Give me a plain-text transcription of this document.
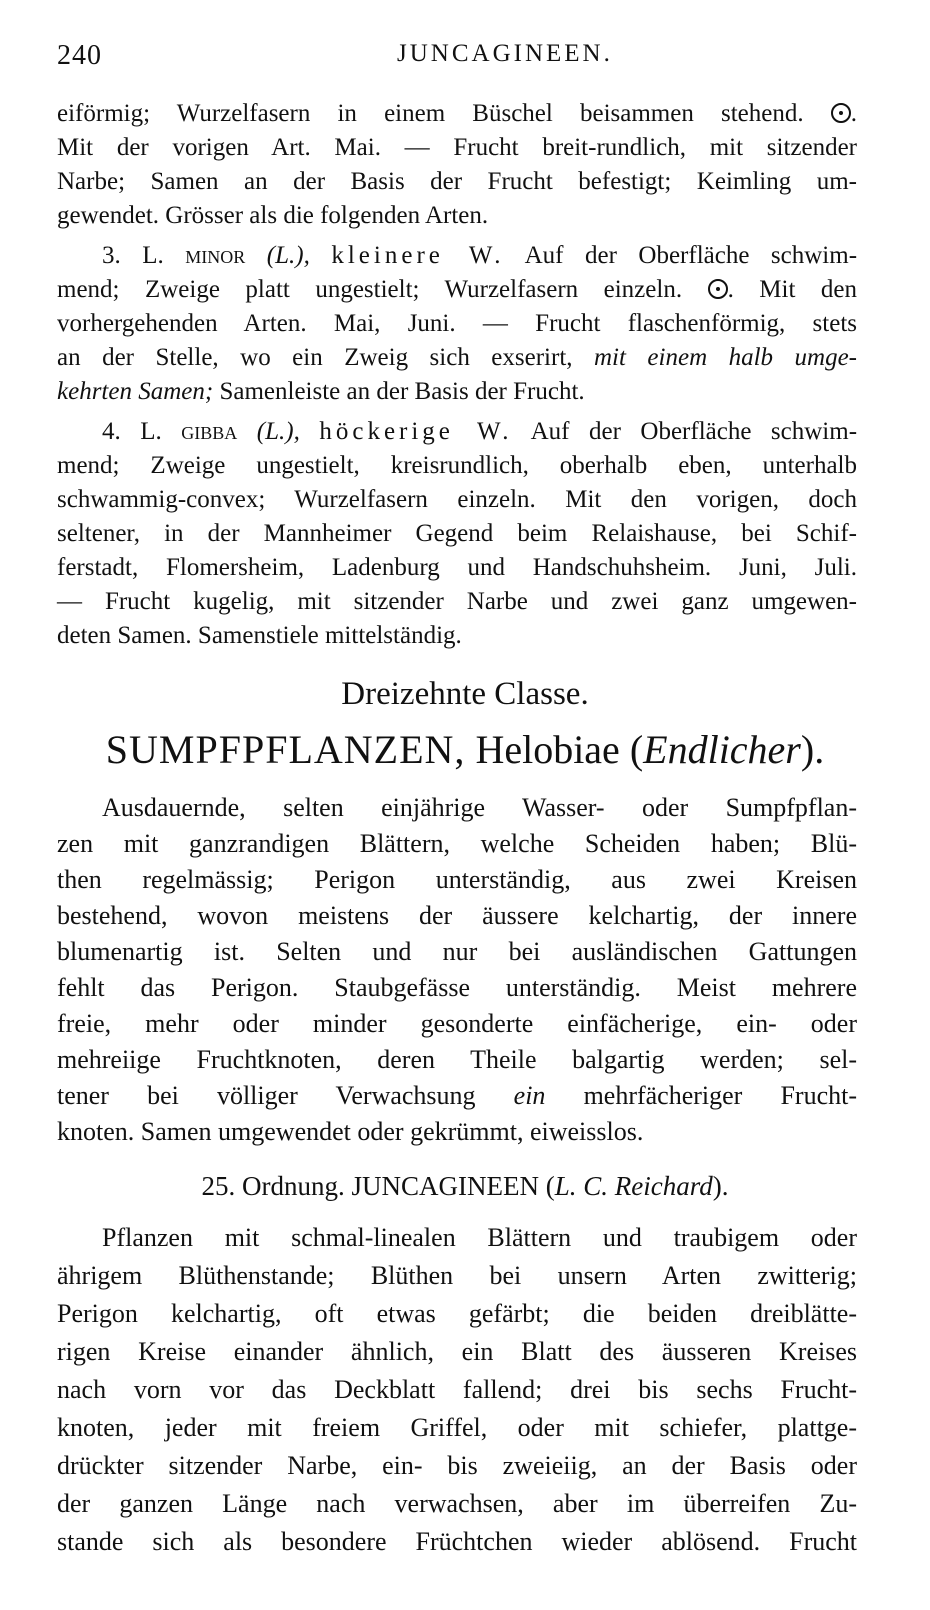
240	JUNCAGINEEN.
eiförmig; Wurzelfasern in einem Büschel beisammen stehend. .
Mit der vorigen Art. Mai. — Frucht breit-rundlich, mit sitzender
Narbe; Samen an der Basis der Frucht befestigt; Keimling um-
gewendet. Grösser als die folgenden Arten.
3. L. minor (L.), kleinere W. Auf der Oberfläche schwim-
mend; Zweige platt ungestielt; Wurzelfasern einzeln. . Mit den
vorhergehenden Arten. Mai, Juni. — Frucht flaschenförmig, stets
an der Stelle, wo ein Zweig sich exserirt, mit einem halb umge-
kehrten Samen; Samenleiste an der Basis der Frucht.
4. L. gibba (L.), höckerige W. Auf der Oberfläche schwim-
mend; Zweige ungestielt, kreisrundlich, oberhalb eben, unterhalb
schwammig-convex; Wurzelfasern einzeln. Mit den vorigen, doch
seltener, in der Mannheimer Gegend beim Relaishause, bei Schif-
ferstadt, Flomersheim, Ladenburg und Handschuhsheim. Juni, Juli.
— Frucht kugelig, mit sitzender Narbe und zwei ganz umgewen-
deten Samen. Samenstiele mittelständig.
Dreizehnte Classe.
SUMPFPFLANZEN, Helobiae (Endlicher).
Ausdauernde, selten einjährige Wasser- oder Sumpfpflan-
zen mit ganzrandigen Blättern, welche Scheiden haben; Blü-
then regelmässig; Perigon unterständig, aus zwei Kreisen
bestehend, wovon meistens der äussere kelchartig, der innere
blumenartig ist. Selten und nur bei ausländischen Gattungen
fehlt das Perigon. Staubgefässe unterständig. Meist mehrere
freie, mehr oder minder gesonderte einfächerige, ein- oder
mehreiige Fruchtknoten, deren Theile balgartig werden; sel-
tener bei völliger Verwachsung ein mehrfächeriger Frucht-
knoten. Samen umgewendet oder gekrümmt, eiweisslos.
25. Ordnung. JUNCAGINEEN (L. C. Reichard).
Pflanzen mit schmal-linealen Blättern und traubigem oder
ährigem Blüthenstande; Blüthen bei unsern Arten zwitterig;
Perigon kelchartig, oft etwas gefärbt; die beiden dreiblätte-
rigen Kreise einander ähnlich, ein Blatt des äusseren Kreises
nach vorn vor das Deckblatt fallend; drei bis sechs Frucht-
knoten, jeder mit freiem Griffel, oder mit schiefer, plattge-
drückter sitzender Narbe, ein- bis zweieiig, an der Basis oder
der ganzen Länge nach verwachsen, aber im überreifen Zu-
stande sich als besondere Früchtchen wieder ablösend. Frucht
